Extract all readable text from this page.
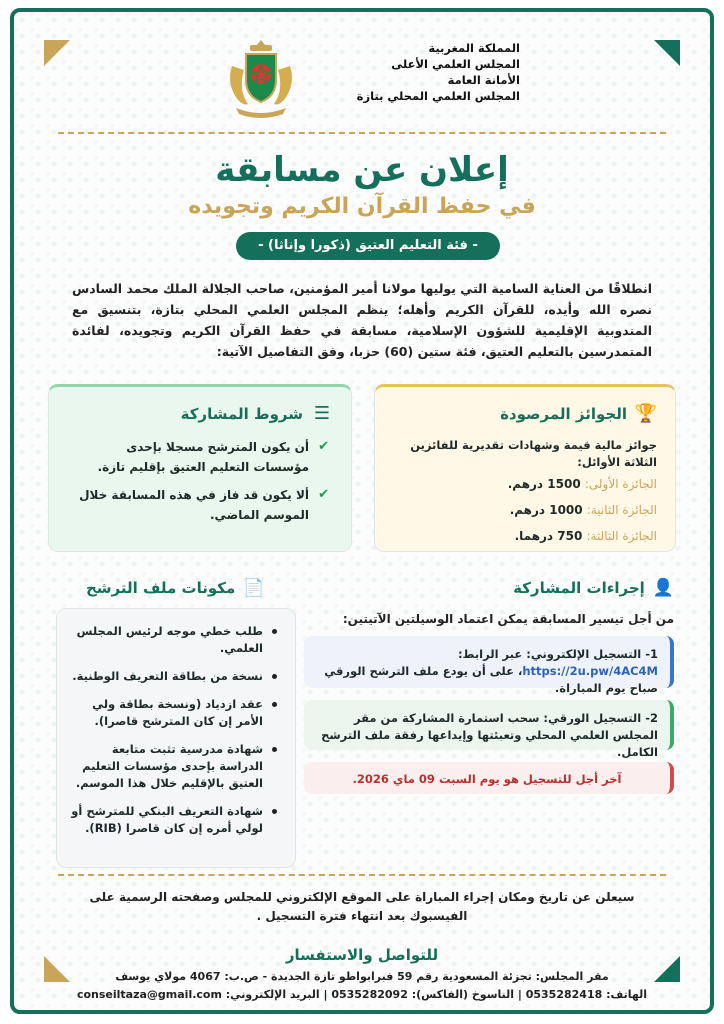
المملكة المغربية
المجلس العلمي الأعلى
الأمانة العامة
المجلس العلمي المحلي بتازة
إعلان عن مسابقة
في حفظ القرآن الكريم وتجويده
- فئة التعليم العتيق (ذكورا وإناثا) -

انطلاقًا من العناية السامية التي يوليها مولانا أمير المؤمنين، صاحب الجلالة الملك محمد السادس نصره الله وأيده، للقرآن الكريم وأهله؛ ينظم المجلس العلمي المحلي بتازة، بتنسيق مع المندوبية الإقليمية للشؤون الإسلامية، مسابقة في حفظ القرآن الكريم وتجويده، لفائدة المتمدرسين بالتعليم العتيق، فئة ستين (60) حزبا، وفق التفاصيل الآتية:

🏆
الجوائز المرصودة
جوائز مالية قيمة وشهادات تقديرية للفائزين الثلاثة الأوائل:
الجائزة الأولى: 1500 درهم.
الجائزة الثانية: 1000 درهم.
الجائزة الثالثة: 750 درهما.
☰
شروط المشاركة
✔
أن يكون المترشح مسجلا بإحدى مؤسسات التعليم العتيق بإقليم تازة.
✔
ألا يكون قد فاز في هذه المسابقة خلال الموسم الماضي.
👤
إجراءات المشاركة
من أجل تيسير المسابقة يمكن اعتماد الوسيلتين الآتيتين:
1- التسجيل الإلكتروني: عبر الرابط: https://2u.pw/4AC4M، على أن يودع ملف الترشح الورقي صباح يوم المباراة.
2- التسجيل الورقي: سحب استمارة المشاركة من مقر المجلس العلمي المحلي وتعبئتها وإيداعها رفقة ملف الترشح الكامل.
آخر أجل للتسجيل هو يوم السبت 09 ماي 2026.
📄
مكونات ملف الترشح
طلب خطي موجه لرئيس المجلس العلمي.
نسخة من بطاقة التعريف الوطنية.
عقد ازدياد (ونسخة بطاقة ولي الأمر إن كان المترشح قاصرا).
شهادة مدرسية تثبت متابعة الدراسة بإحدى مؤسسات التعليم العتيق بالإقليم خلال هذا الموسم.
شهادة التعريف البنكي للمترشح أو لولي أمره إن كان قاصرا (RIB).

سيعلن عن تاريخ ومكان إجراء المباراة على الموقع الإلكتروني للمجلس وصفحته الرسمية على الفيسبوك بعد انتهاء فترة التسجيل .

للتواصل والاستفسار
مقر المجلس: تجزئة المسعودية رقم 59 فبرابواطو تازة الجديدة - ص.ب: 4067 مولاي يوسف
الهاتف: 0535282418 | الناسوخ (الفاكس): 0535282092 | البريد الإلكتروني: conseiltaza@gmail.com
